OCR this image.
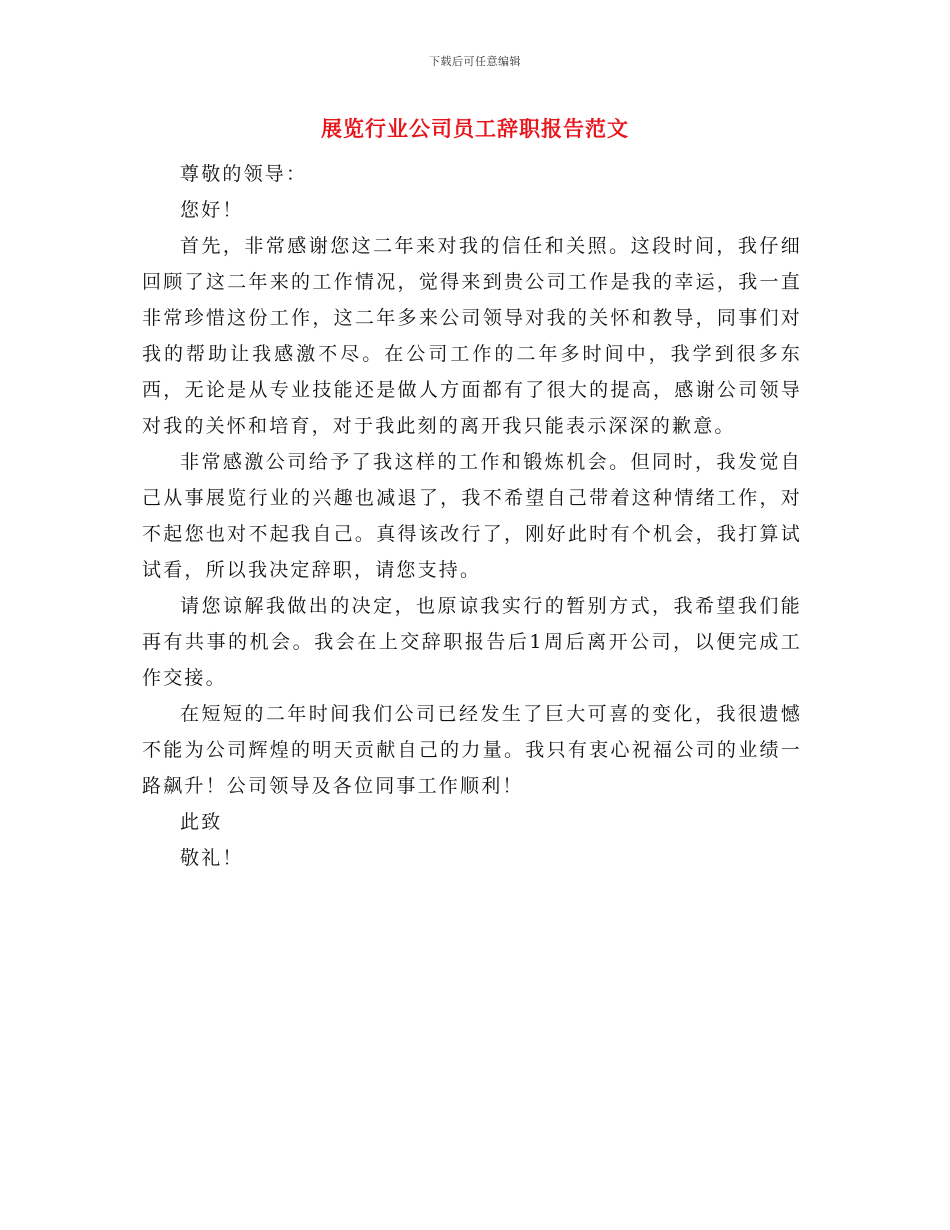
下载后可任意编辑
展览行业公司员工辞职报告范文

尊敬的领导：

您好！

首先，非常感谢您这二年来对我的信任和关照。这段时间，我仔细回顾了这二年来的工作情况，觉得来到贵公司工作是我的幸运，我一直非常珍惜这份工作，这二年多来公司领导对我的关怀和教导，同事们对我的帮助让我感激不尽。在公司工作的二年多时间中，我学到很多东西，无论是从专业技能还是做人方面都有了很大的提高，感谢公司领导对我的关怀和培育，对于我此刻的离开我只能表示深深的歉意。

非常感激公司给予了我这样的工作和锻炼机会。但同时，我发觉自己从事展览行业的兴趣也减退了，我不希望自己带着这种情绪工作，对不起您也对不起我自己。真得该改行了，刚好此时有个机会，我打算试试看，所以我决定辞职，请您支持。

请您谅解我做出的决定，也原谅我实行的暂别方式，我希望我们能再有共事的机会。我会在上交辞职报告后1周后离开公司，以便完成工作交接。

在短短的二年时间我们公司已经发生了巨大可喜的变化，我很遗憾不能为公司辉煌的明天贡献自己的力量。我只有衷心祝福公司的业绩一路飙升！公司领导及各位同事工作顺利！

此致

敬礼！
